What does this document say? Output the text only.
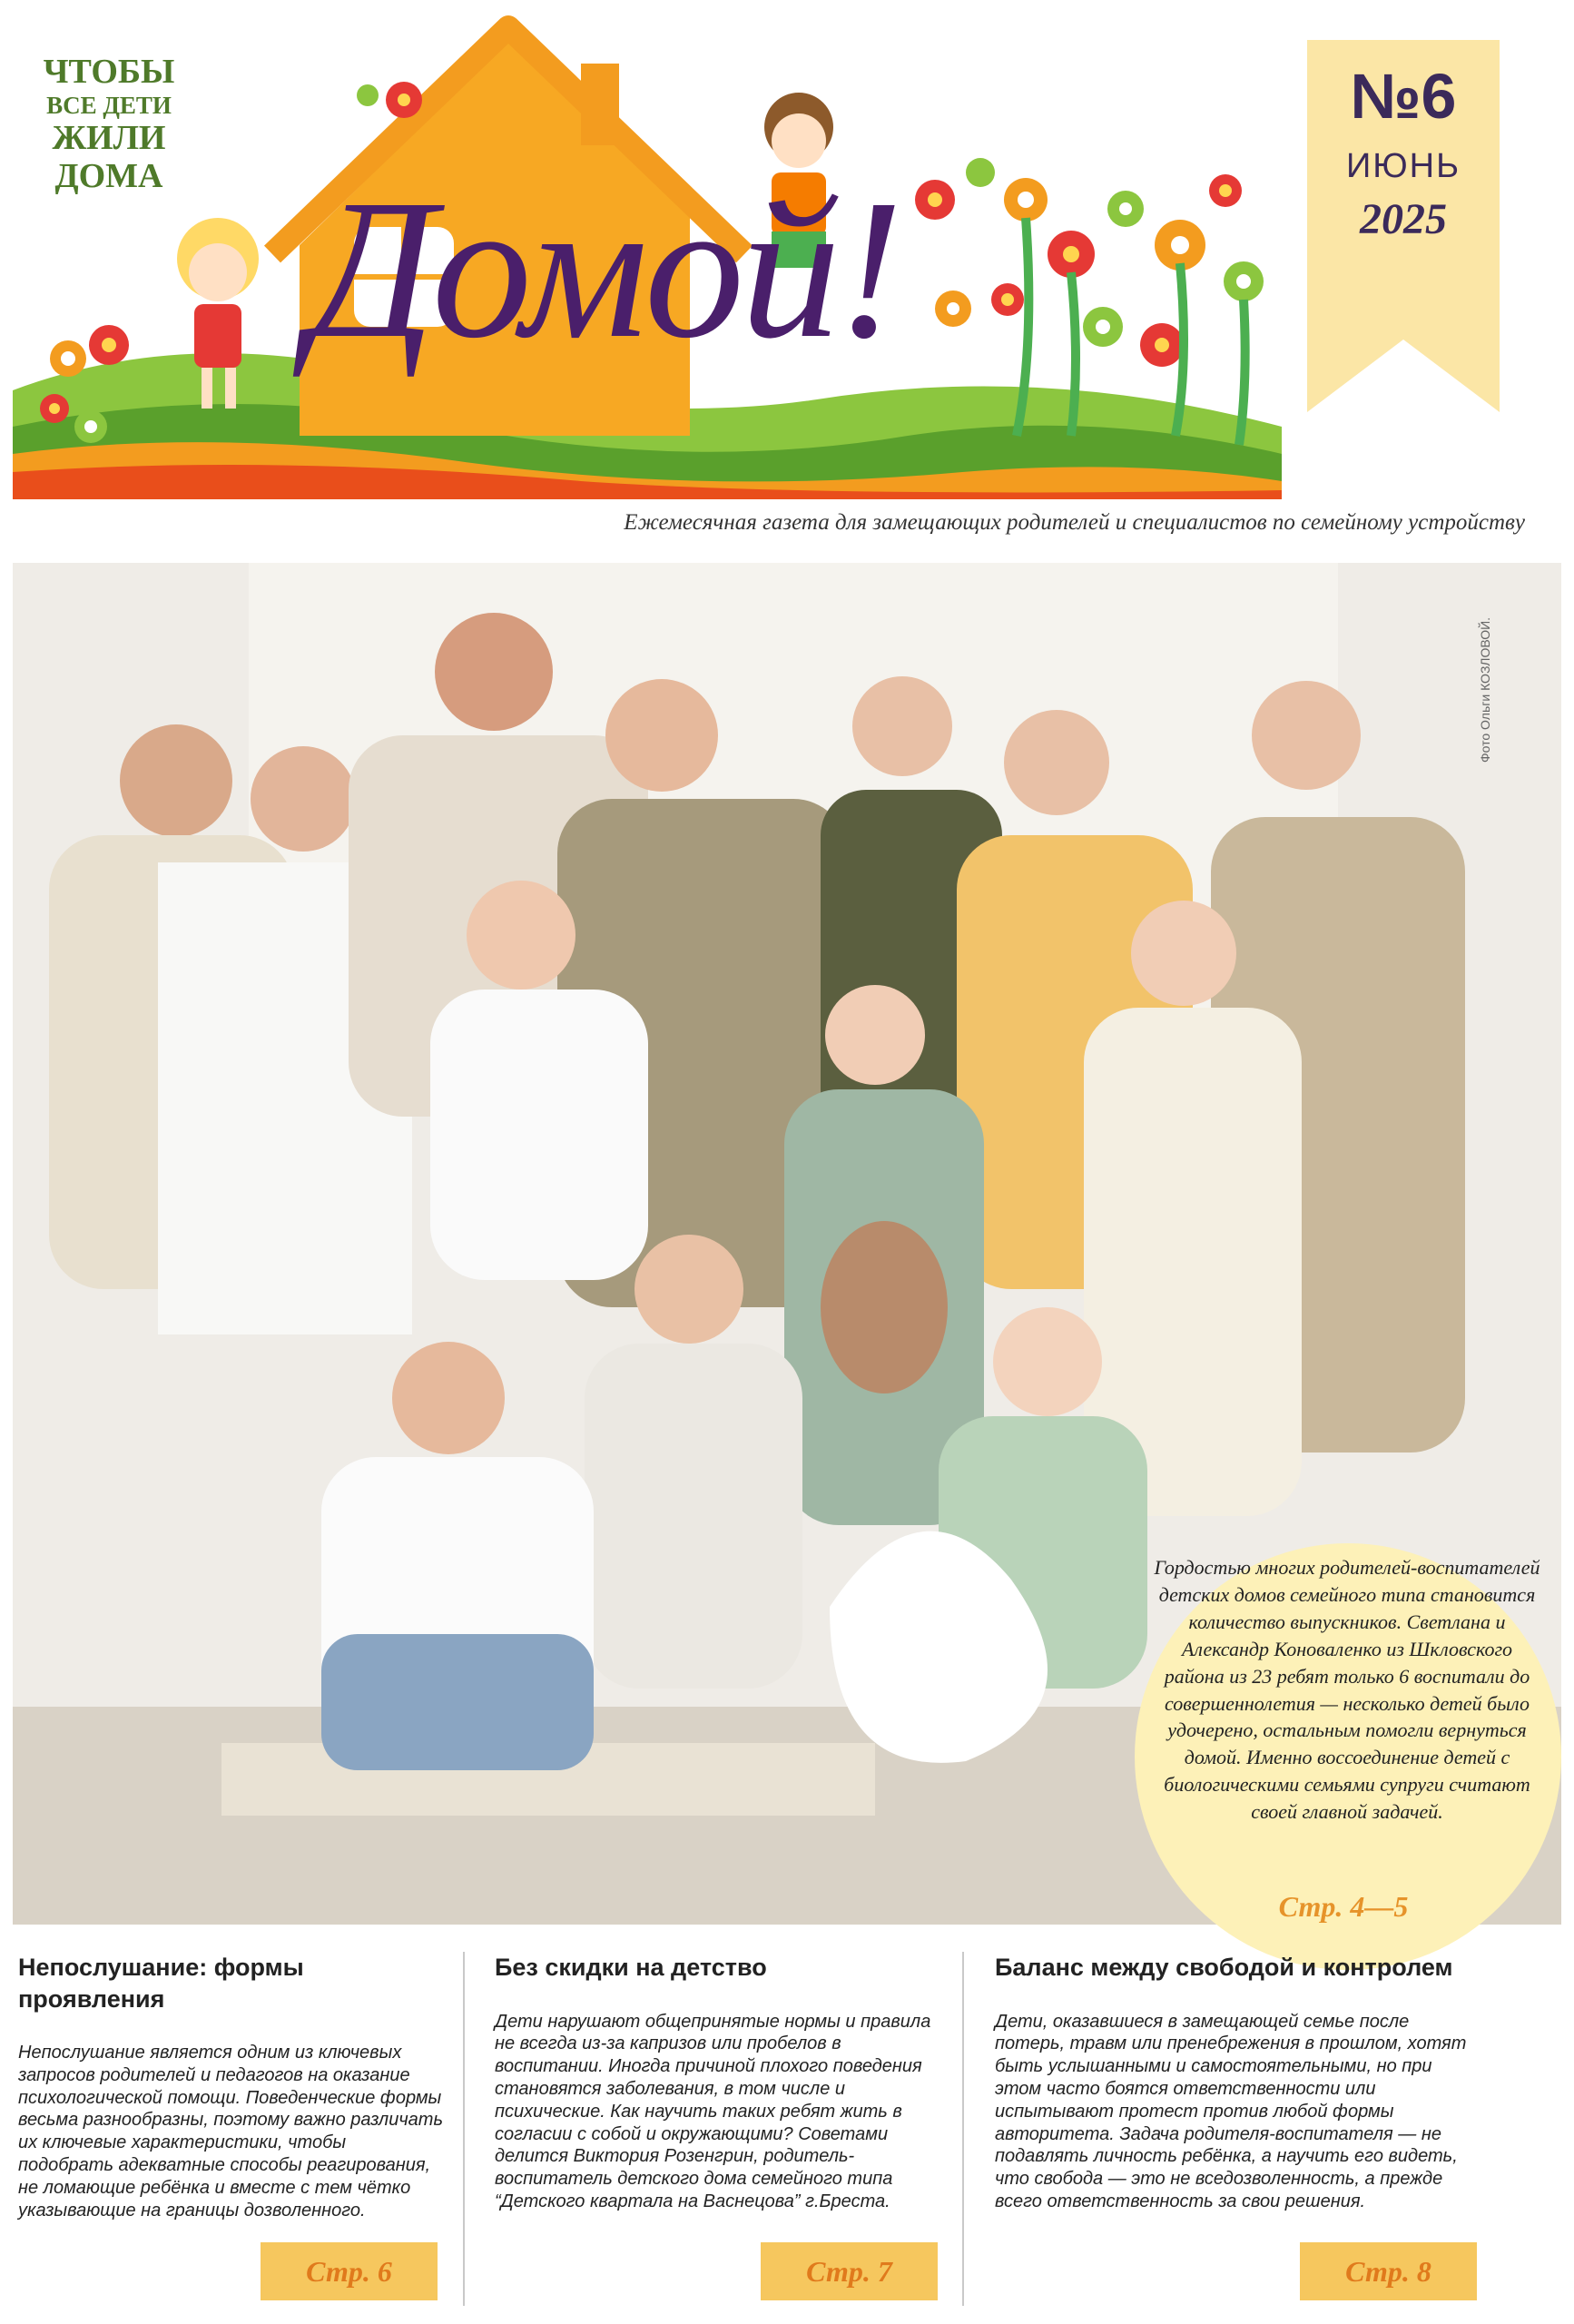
ЧТОБЫ
ВСЕ ДЕТИ
ЖИЛИ
ДОМА Домой!
№6
ИЮНЬ
2025
Ежемесячная газета для замещающих родителей и специалистов по семейному устройству
Фото Ольги КОЗЛОВОЙ.
Гордостью многих родителей-воспитателей детских домов семейного типа становится количество выпускников. Светлана и Александр Коноваленко из Шкловского района из 23 ребят только 6 воспитали до совершеннолетия — несколько детей было удочерено, остальным помогли вернуться домой. Именно воссоединение детей с биологическими семьями супруги считают своей главной задачей.
Стр. 4—5
Непослушание: формы проявления

Непослушание является одним из ключевых запросов родителей и педагогов на оказание психологической помощи. Поведенческие формы весьма разнообразны, поэтому важно различать их ключевые характеристики, чтобы подобрать адекватные способы реагирования, не ломающие ребёнка и вместе с тем чётко указывающие на границы дозволенного.

Без скидки на детство

Дети нарушают общепринятые нормы и правила не всегда из-за капризов или пробелов в воспитании. Иногда причиной плохого поведения становятся заболевания, в том числе и психические. Как научить таких ребят жить в согласии с собой и окружающими? Советами делится Виктория Розенгрин, родитель-воспитатель детского дома семейного типа “Детского квартала на Васнецова” г.Бреста.

Баланс между свободой и контролем

Дети, оказавшиеся в замещающей семье после потерь, травм или пренебрежения в прошлом, хотят быть услышанными и самостоятельными, но при этом часто боятся ответственности или испытывают протест против любой формы авторитета. Задача родителя-воспитателя — не подавлять личность ребёнка, а научить его видеть, что свобода — это не вседозволенность, а прежде всего ответственность за свои решения.

Стр. 6	Стр. 7	Стр. 8
